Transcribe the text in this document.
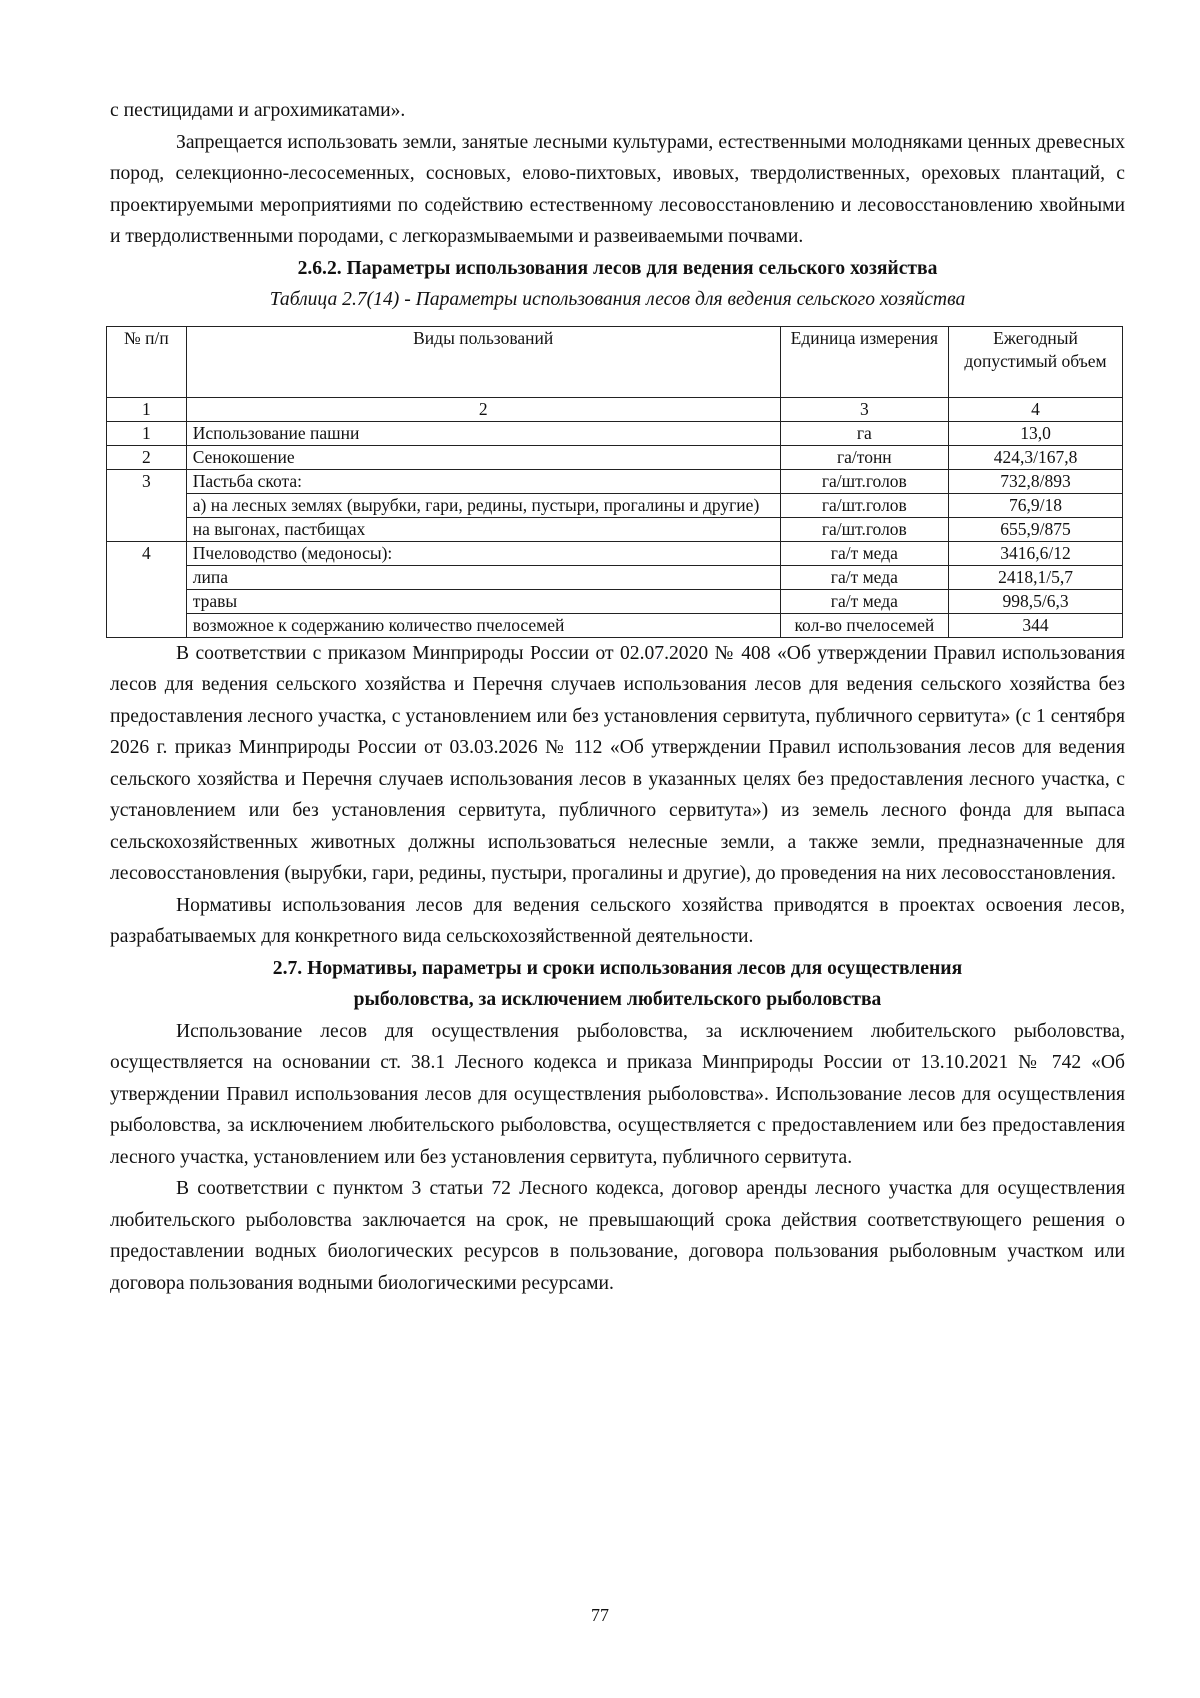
с пестицидами и агрохимикатами».

Запрещается использовать земли, занятые лесными культурами, естественными молодняками ценных древесных пород, селекционно-лесосеменных, сосновых, елово-пихтовых, ивовых, твердолиственных, ореховых плантаций, с проектируемыми мероприятиями по содействию естественному лесовосстановлению и лесовосстановлению хвойными и твердолиственными породами, с легкоразмываемыми и развеиваемыми почвами.

2.6.2. Параметры использования лесов для ведения сельского хозяйства

Таблица 2.7(14) - Параметры использования лесов для ведения сельского хозяйства

№ п/п	Виды пользований	Единица измерения	Ежегодный допустимый объем
1	2	3	4
1	Использование пашни	га	13,0
2	Сенокошение	га/тонн	424,3/167,8
3	Пастьба скота:	га/шт.голов	732,8/893
	а) на лесных землях (вырубки, гари, редины, пустыри, прогалины и другие)	га/шт.голов	76,9/18
	на выгонах, пастбищах	га/шт.голов	655,9/875
4	Пчеловодство (медоносы):	га/т меда	3416,6/12
	липа	га/т меда	2418,1/5,7
	травы	га/т меда	998,5/6,3
	возможное к содержанию количество пчелосемей	кол-во пчелосемей	344

В соответствии с приказом Минприроды России от 02.07.2020 № 408 «Об утверждении Правил использования лесов для ведения сельского хозяйства и Перечня случаев использования лесов для ведения сельского хозяйства без предоставления лесного участка, с установлением или без установления сервитута, публичного сервитута» (с 1 сентября 2026 г. приказ Минприроды России от 03.03.2026 № 112 «Об утверждении Правил использования лесов для ведения сельского хозяйства и Перечня случаев использования лесов в указанных целях без предоставления лесного участка, с установлением или без установления сервитута, публичного сервитута») из земель лесного фонда для выпаса сельскохозяйственных животных должны использоваться нелесные земли, а также земли, предназначенные для лесовосстановления (вырубки, гари, редины, пустыри, прогалины и другие), до проведения на них лесовосстановления.

Нормативы использования лесов для ведения сельского хозяйства приводятся в проектах освоения лесов, разрабатываемых для конкретного вида сельскохозяйственной деятельности.

2.7. Нормативы, параметры и сроки использования лесов для осуществления
рыболовства, за исключением любительского рыболовства

Использование лесов для осуществления рыболовства, за исключением любительского рыболовства, осуществляется на основании ст. 38.1 Лесного кодекса и приказа Минприроды России от 13.10.2021 № 742 «Об утверждении Правил использования лесов для осуществления рыболовства». Использование лесов для осуществления рыболовства, за исключением любительского рыболовства, осуществляется с предоставлением или без предоставления лесного участка, установлением или без установления сервитута, публичного сервитута.

В соответствии с пунктом 3 статьи 72 Лесного кодекса, договор аренды лесного участка для осуществления любительского рыболовства заключается на срок, не превышающий срока действия соответствующего решения о предоставлении водных биологических ресурсов в пользование, договора пользования рыболовным участком или договора пользования водными биологическими ресурсами.

77
